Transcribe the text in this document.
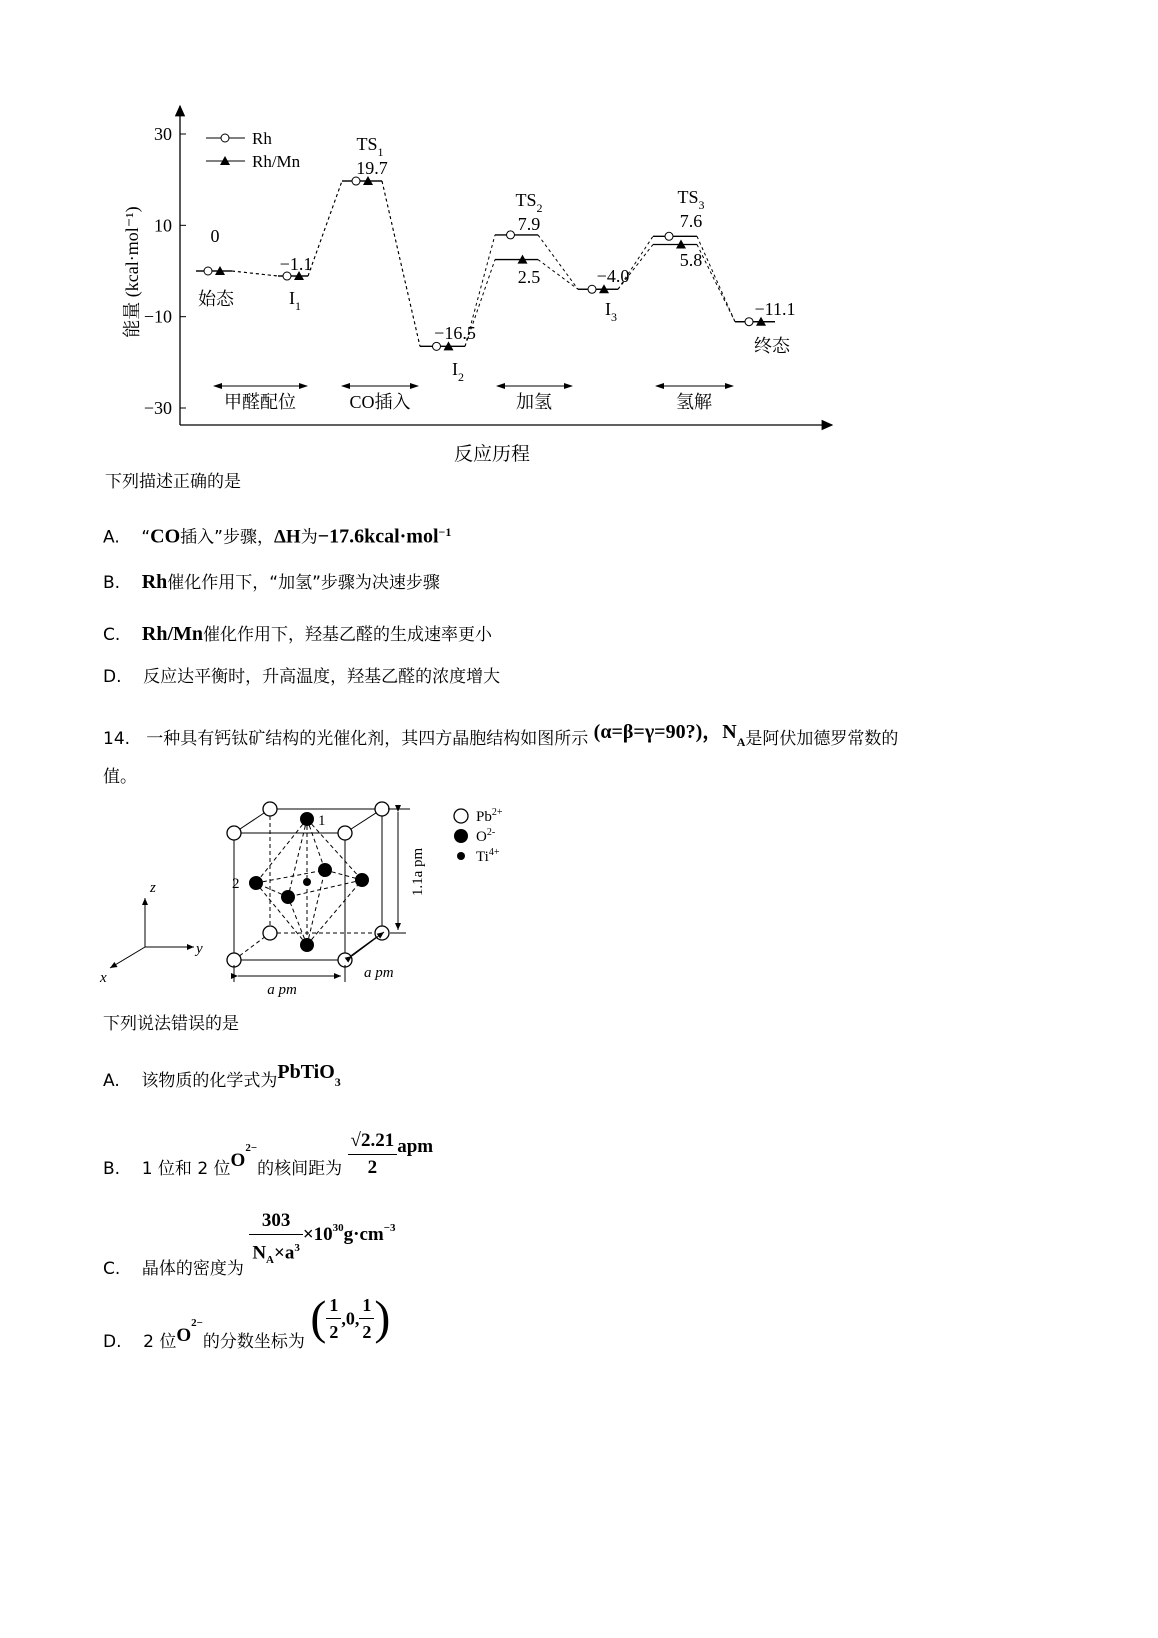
30
10
−10
−30
能量 (kcal·mol⁻¹)
反应历程
Rh
Rh/Mn
0
−1.1
19.7
−16.5
7.9
2.5	−4.0
7.6
5.8
−11.1
始态
终态
$I_1$
$I_2$
$I_3$
$TS_1$
$TS_2$
$TS_3$
甲醛配位	CO插入	加氢	氢解
下列描述正确的是
A. “CO插入”步骤，ΔH为−17.6kcal·mol$^{-1}$
B. Rh催化作用下，“加氢”步骤为决速步骤
C. Rh/Mn催化作用下，羟基乙醛的生成速率更小
D. 反应达平衡时，升高温度，羟基乙醛的浓度增大
14. 一种具有钙钛矿结构的光催化剂，其四方晶胞结构如图所示 (α=β=γ=90?)，$N_A$是阿伏加德罗常数的
值。
z
y
x
1
2	1.1a pm
a pm
a pm
$Pb^{2+}$
$O^{2-}$
$Ti^{4+}$
下列说法错误的是
A. 该物质的化学式为PbTiO$_3$
B. 1 位和 2 位$O^{2-}$的核间距为 $\frac{√2.21}{2}$ apm
C. 晶体的密度为 $\frac{303}{N_A\times a^3} \times 10^{30}g\cdot cm^{-3}$
D. 2 位$O^{2-}$的分数坐标为 ( $\frac{1}{2} ,0$, $\frac{1}{2}$ )
